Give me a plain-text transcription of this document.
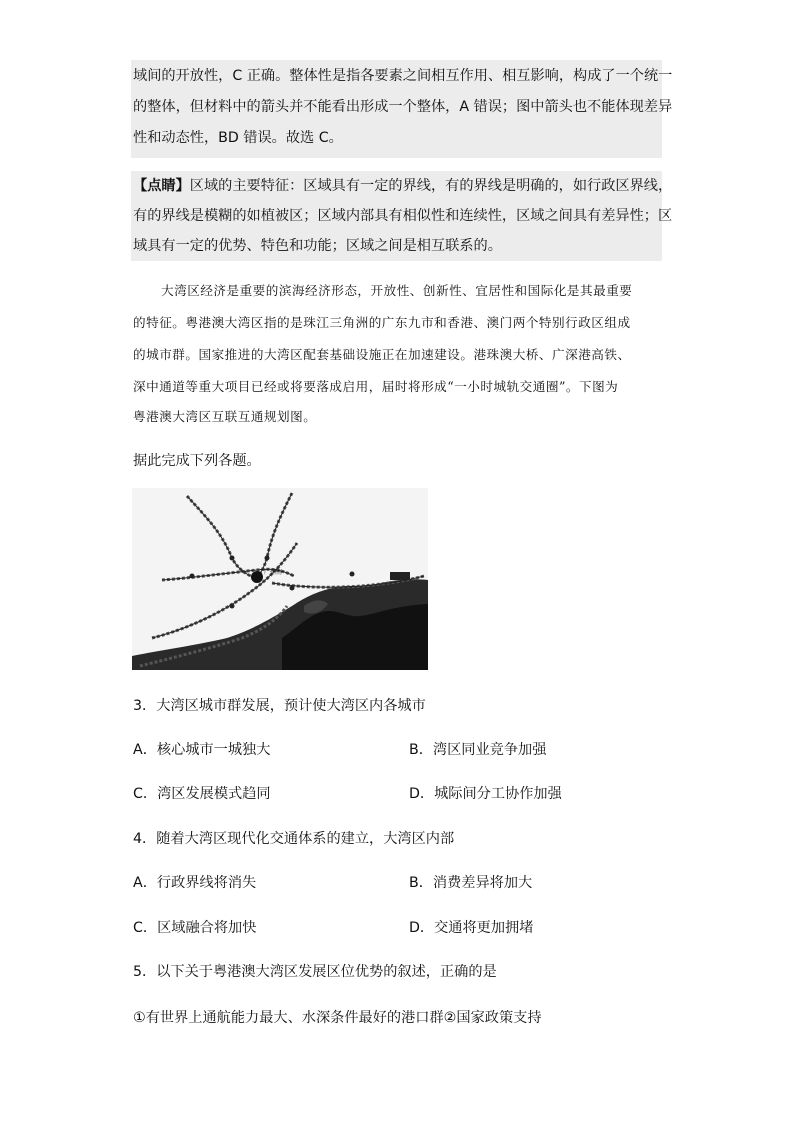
域间的开放性，C 正确。整体性是指各要素之间相互作用、相互影响，构成了一个统一
的整体，但材料中的箭头并不能看出形成一个整体，A 错误；图中箭头也不能体现差异
性和动态性，BD 错误。故选 C。
【点睛】区域的主要特征：区域具有一定的界线，有的界线是明确的，如行政区界线，
有的界线是模糊的如植被区；区域内部具有相似性和连续性，区域之间具有差异性；区
域具有一定的优势、特色和功能；区域之间是相互联系的。
大湾区经济是重要的滨海经济形态，开放性、创新性、宜居性和国际化是其最重要
的特征。粤港澳大湾区指的是珠江三角洲的广东九市和香港、澳门两个特别行政区组成
的城市群。国家推进的大湾区配套基础设施正在加速建设。港珠澳大桥、广深港高铁、
深中通道等重大项目已经或将要落成启用，届时将形成“一小时城轨交通圈”。下图为
粤港澳大湾区互联互通规划图。
据此完成下列各题。
广州南
3．大湾区城市群发展，预计使大湾区内各城市
A．核心城市一城独大	B．湾区同业竞争加强
C．湾区发展模式趋同	D．城际间分工协作加强
4．随着大湾区现代化交通体系的建立，大湾区内部
A．行政界线将消失	B．消费差异将加大
C．区域融合将加快	D．交通将更加拥堵
5．以下关于粤港澳大湾区发展区位优势的叙述，正确的是
①有世界上通航能力最大、水深条件最好的港口群②国家政策支持
